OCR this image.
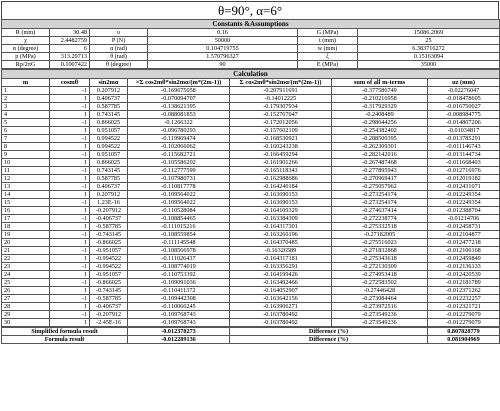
θ=90°, α=6°
Constants &Assumptions					
R (mm)	30.48	υ	0.16	G (MPa)	15086.2069
χ	2.4482759	P (N)	50000	t (mm)	25
α (degree)	6	α (rad)	0.104719755	w (mm)	6.383716272
p (MPa)	313.29713	θ (rad)	1.570796327	ξ	0.15163094
Rp/2πG	0.1007422	θ (degree)	90	E (MPa)	35000
Calculation						
m	cosmθ	sin2mα	×Σ cos2mθ*sin2mα/(m*(2m-1))	Σ cos2mθ*sin2mα/(m*(2m-1))	sum of all m-terms	uz (mm)
1	-1	0.207912	-0.169675058	-0.207911691	-0.377586749	-0.02276047
2	1	0.406737	-0.070094707	-0.14012225	-0.210216958	-0.018478605
3	-1	0.587785	-0.138621395	-0.179307934	-0.317929329	-0.016750027
4	1	0.743145	-0.088081853	-0.152767047	-0.2408489	-0.008984775
5	-1	0.866025	-0.1266322	-0.172012056	-0.298644256	-0.014807206
6	1	0.951057	-0.096780293	-0.157602109	-0.254382402	-0.01034817
7	-1	0.994522	-0.119969474	-0.168530921	-0.288500395	-0.013785291
8	1	0.994522	-0.102066062	-0.160243238	-0.262309301	-0.011146743
9	-1	0.951057	-0.115682721	-0.166459294	-0.282142016	-0.013144734
10	1	0.866025	-0.105586202	-0.161901266	-0.267487468	-0.011668403
11	-1	0.743145	-0.112777599	-0.165118343	-0.277895943	-0.012716976
12	1	0.587785	-0.107980731	-0.162988686	-0.270969417	-0.012019182
13	-1	0.406737	-0.110817778	-0.164240184	-0.275057962	-0.012431071
14	1	0.207912	-0.109564022	-0.163690153	-0.273254174	-0.012249354
15	-1	1.23E-16	-0.109564022	-0.163690153	-0.273254174	-0.012249354
16	1	-0.207912	-0.110528084	-0.164109329	-0.274637414	-0.012388704
17	-1	-0.406737	-0.108854465	-0.163384309	-0.272238774	-0.01214706
18	1	-0.587785	-0.111015216	-0.164317301	-0.275332518	-0.012458731
19	-1	-0.743145	-0.108559854	-0.163260196	-0.27182005	-0.012104877
20	1	-0.866025	-0.111145548	-0.164370485	-0.275516023	-0.012477218
21	-1	-0.951057	-0.108566978	-0.16326589	-0.271832868	-0.012106168
22	1	-0.994522	-0.111026437	-0.164317181	-0.275343618	-0.012459849
23	-1	-0.994522	-0.108774019	-0.163356291	-0.272130309	-0.012136133
24	1	-0.951057	-0.110753392	-0.164199426	-0.274953418	-0.012420539
25	-1	-0.866025	-0.109091036	-0.163492466	-0.272583502	-0.012181789
26	1	-0.743145	-0.110411372	-0.164052907	-0.27446428	-0.012371262
27	-1	-0.587785	-0.109442308	-0.163642156	-0.273084464	-0.012232257
28	1	-0.406737	-0.110066245	-0.163906271	-0.273972516	-0.012321721
29	-1	-0.207912	-0.109768743	-0.163780492	-0.273549236	-0.012279079
30	1	-2.45E-16	-0.109768743	-0.163780492	-0.273549236	-0.012279079
Simplified formula result	-0.012378273	Difference (%)	0.807828779
Formula result	-0.012289136	Difference (%)	0.081904969
